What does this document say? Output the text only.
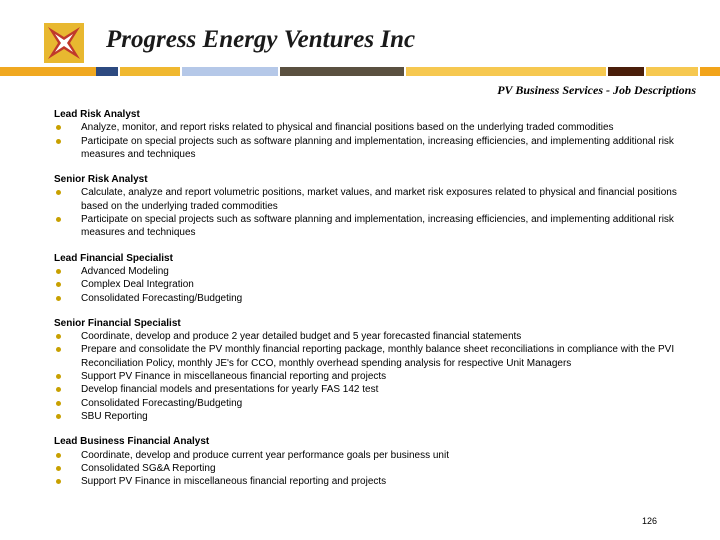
Progress Energy Ventures Inc
PV Business Services - Job Descriptions
Lead Risk Analyst
Analyze, monitor, and report risks related to physical and financial positions based on the underlying traded commodities
Participate on special projects such as software planning and implementation, increasing efficiencies, and implementing additional risk measures and techniques
Senior Risk Analyst
Calculate, analyze and report volumetric positions, market values, and market risk exposures related to physical and financial positions based on the underlying traded commodities
Participate on special projects such as software planning and implementation, increasing efficiencies, and implementing additional risk measures and techniques
Lead Financial Specialist
Advanced Modeling
Complex Deal Integration
Consolidated Forecasting/Budgeting
Senior Financial Specialist
Coordinate, develop and produce 2 year detailed budget and 5 year forecasted financial statements
Prepare and consolidate the PV monthly financial reporting package, monthly balance sheet reconciliations in compliance with the PVI Reconciliation Policy, monthly JE's for CCO, monthly overhead spending analysis for respective Unit Managers
Support PV Finance in miscellaneous financial reporting and projects
Develop financial models and presentations for yearly FAS 142 test
Consolidated Forecasting/Budgeting
SBU Reporting
Lead Business Financial Analyst
Coordinate, develop and produce current year performance goals per business unit
Consolidated SG&A Reporting
Support PV Finance in miscellaneous financial reporting and projects
126
